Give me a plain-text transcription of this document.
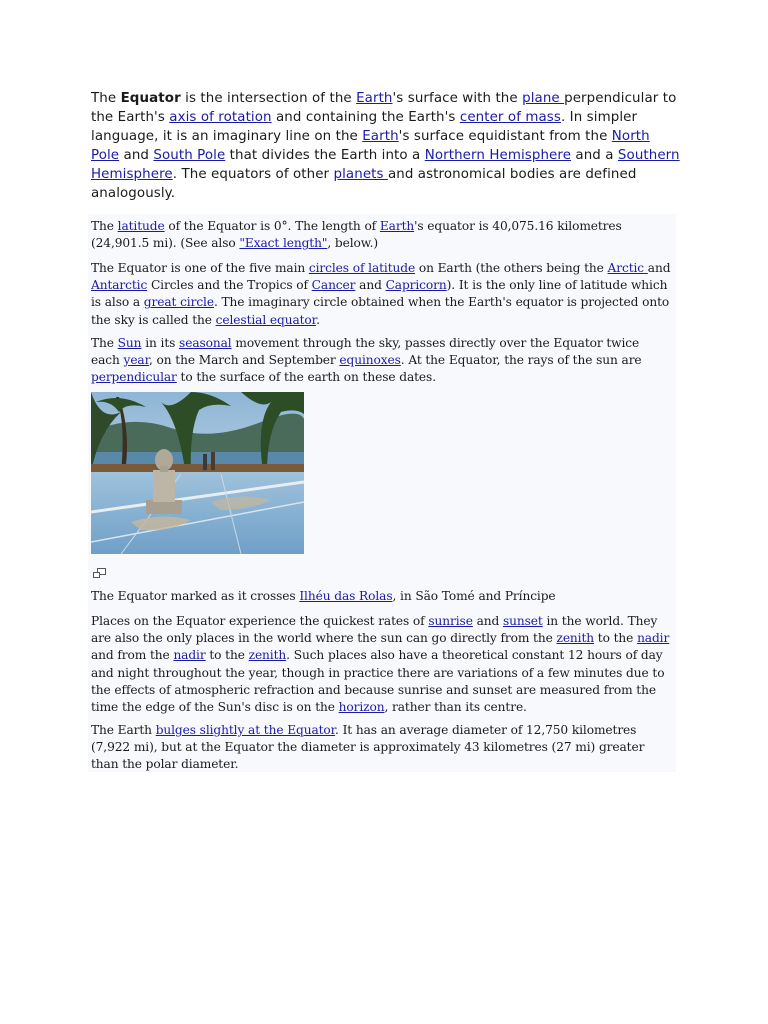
The Equator is the intersection of the Earth's surface with the plane perpendicular to the Earth's axis of rotation and containing the Earth's center of mass. In simpler language, it is an imaginary line on the Earth's surface equidistant from the North Pole and South Pole that divides the Earth into a Northern Hemisphere and a Southern Hemisphere. The equators of other planets and astronomical bodies are defined analogously.

The latitude of the Equator is 0°. The length of Earth's equator is 40,075.16 kilometres (24,901.5 mi). (See also "Exact length", below.)

The Equator is one of the five main circles of latitude on Earth (the others being the Arctic and Antarctic Circles and the Tropics of Cancer and Capricorn). It is the only line of latitude which is also a great circle. The imaginary circle obtained when the Earth's equator is projected onto the sky is called the celestial equator.

The Sun in its seasonal movement through the sky, passes directly over the Equator twice each year, on the March and September equinoxes. At the Equator, the rays of the sun are perpendicular to the surface of the earth on these dates.

The Equator marked as it crosses Ilhéu das Rolas, in São Tomé and Príncipe

Places on the Equator experience the quickest rates of sunrise and sunset in the world. They are also the only places in the world where the sun can go directly from the zenith to the nadir and from the nadir to the zenith. Such places also have a theoretical constant 12 hours of day and night throughout the year, though in practice there are variations of a few minutes due to the effects of atmospheric refraction and because sunrise and sunset are measured from the time the edge of the Sun's disc is on the horizon, rather than its centre.

The Earth bulges slightly at the Equator. It has an average diameter of 12,750 kilometres (7,922 mi), but at the Equator the diameter is approximately 43 kilometres (27 mi) greater than the polar diameter.
